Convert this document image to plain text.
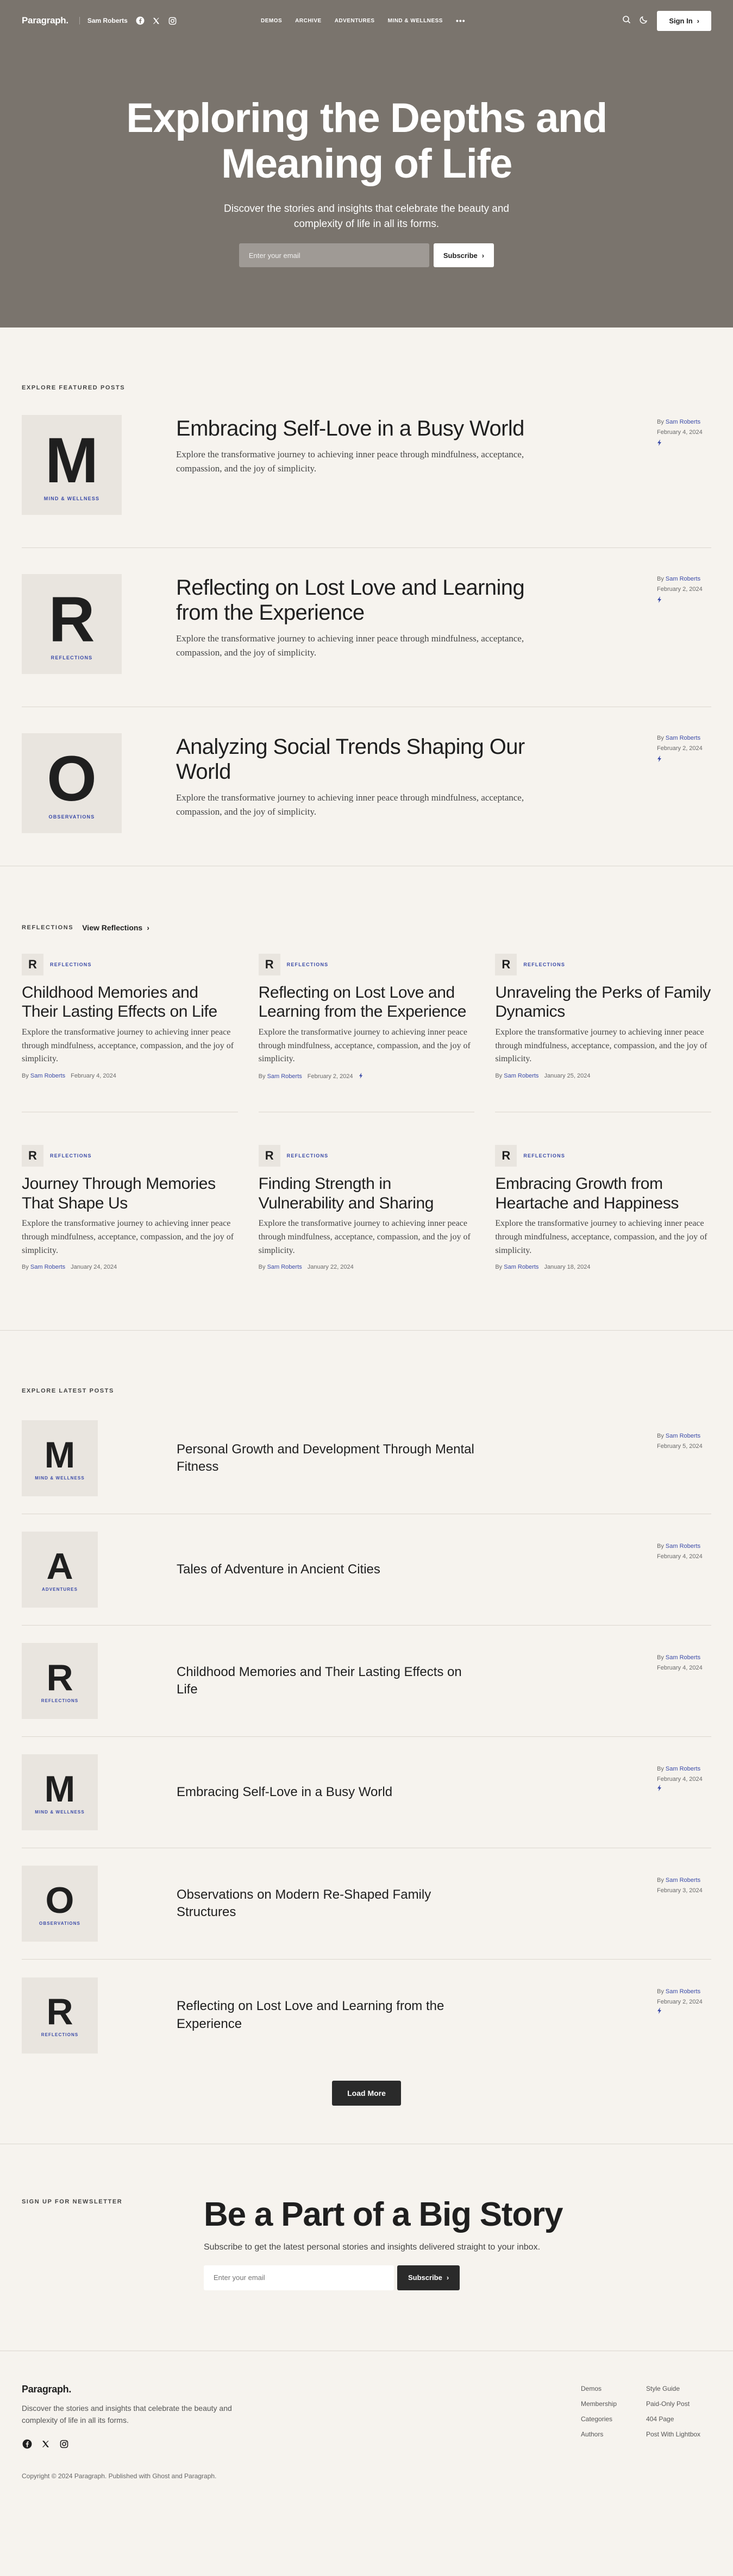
Paragraph.	Sam Roberts	DEMOS ARCHIVE ADVENTURES MIND & WELLNESS •••	Sign In ›
Exploring the Depths and Meaning of Life

Discover the stories and insights that celebrate the beauty and complexity of life in all its forms.

Enter your email
Subscribe ›
EXPLORE FEATURED POSTS
M
MIND & WELLNESS
Embracing Self-Love in a Busy World

Explore the transformative journey to achieving inner peace through mindfulness, acceptance, compassion, and the joy of simplicity.

By Sam Roberts
February 4, 2024
R
REFLECTIONS
Reflecting on Lost Love and Learning from the Experience

Explore the transformative journey to achieving inner peace through mindfulness, acceptance, compassion, and the joy of simplicity.

By Sam Roberts
February 2, 2024
O
OBSERVATIONS
Analyzing Social Trends Shaping Our World

Explore the transformative journey to achieving inner peace through mindfulness, acceptance, compassion, and the joy of simplicity.

By Sam Roberts
February 2, 2024
REFLECTIONS View Reflections ›
R	REFLECTIONS
Childhood Memories and Their Lasting Effects on Life

Explore the transformative journey to achieving inner peace through mindfulness, acceptance, compassion, and the joy of simplicity.

By Sam Roberts February 4, 2024
R	REFLECTIONS
Reflecting on Lost Love and Learning from the Experience

Explore the transformative journey to achieving inner peace through mindfulness, acceptance, compassion, and the joy of simplicity.

By Sam Roberts February 2, 2024
R	REFLECTIONS
Unraveling the Perks of Family Dynamics

Explore the transformative journey to achieving inner peace through mindfulness, acceptance, compassion, and the joy of simplicity.

By Sam Roberts January 25, 2024
R	REFLECTIONS
Journey Through Memories That Shape Us

Explore the transformative journey to achieving inner peace through mindfulness, acceptance, compassion, and the joy of simplicity.

By Sam Roberts January 24, 2024
R	REFLECTIONS
Finding Strength in Vulnerability and Sharing

Explore the transformative journey to achieving inner peace through mindfulness, acceptance, compassion, and the joy of simplicity.

By Sam Roberts January 22, 2024
R	REFLECTIONS
Embracing Growth from Heartache and Happiness

Explore the transformative journey to achieving inner peace through mindfulness, acceptance, compassion, and the joy of simplicity.

By Sam Roberts January 18, 2024
EXPLORE LATEST POSTS
M
MIND & WELLNESS
Personal Growth and Development Through Mental Fitness
By Sam Roberts
February 5, 2024
A
ADVENTURES
Tales of Adventure in Ancient Cities
By Sam Roberts
February 4, 2024
R
REFLECTIONS
Childhood Memories and Their Lasting Effects on Life
By Sam Roberts
February 4, 2024
M
MIND & WELLNESS
Embracing Self-Love in a Busy World
By Sam Roberts
February 4, 2024

O
OBSERVATIONS
Observations on Modern Re-Shaped Family Structures
By Sam Roberts
February 3, 2024
R
REFLECTIONS
Reflecting on Lost Love and Learning from the Experience
By Sam Roberts
February 2, 2024

Load More
SIGN UP FOR NEWSLETTER Be a Part of a Big Story

Subscribe to get the latest personal stories and insights delivered straight to your inbox.

Enter your email
Subscribe ›
Paragraph.

Discover the stories and insights that celebrate the beauty and complexity of life in all its forms.

Copyright © 2024 Paragraph. Published with Ghost and Paragraph.

Demos	Style Guide
Membership	Paid-Only Post
Categories	404 Page
Authors	Post With Lightbox
